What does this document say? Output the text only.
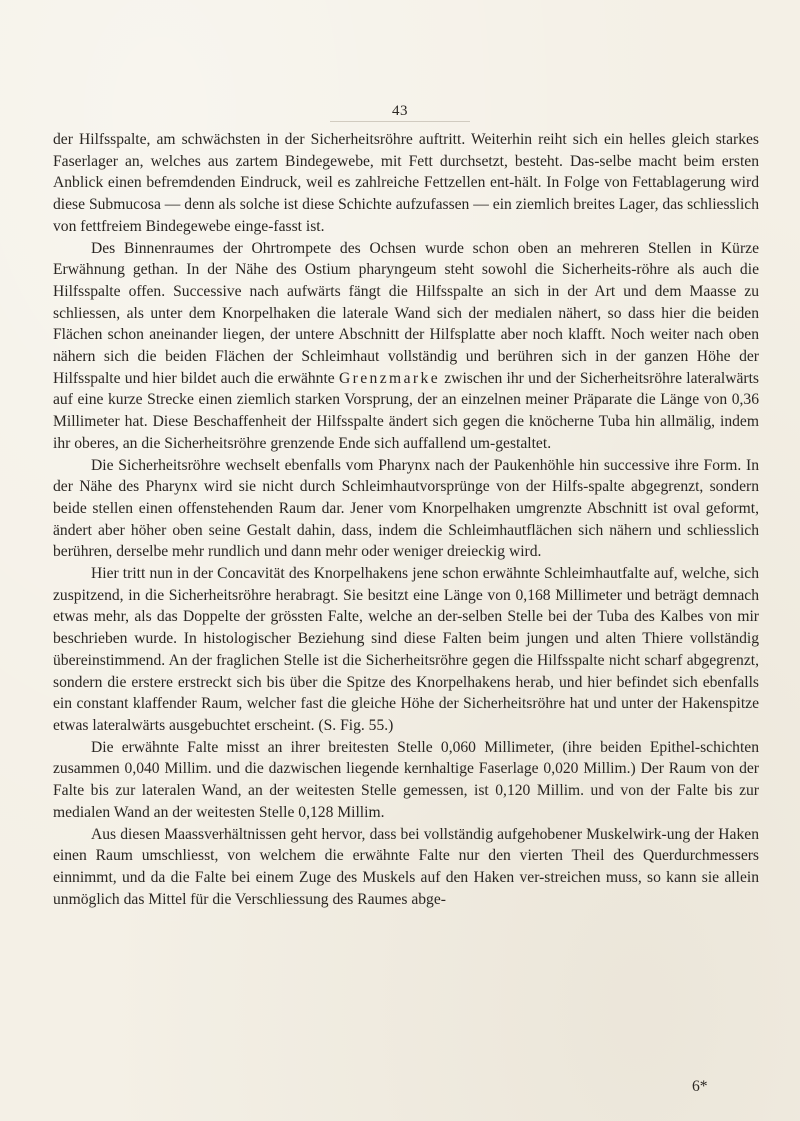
43

der Hilfsspalte, am schwächsten in der Sicherheitsröhre auftritt. Weiterhin reiht sich ein helles gleich starkes Faserlager an, welches aus zartem Bindegewebe, mit Fett durchsetzt, besteht. Das-selbe macht beim ersten Anblick einen befremdenden Eindruck, weil es zahlreiche Fettzellen ent-hält. In Folge von Fettablagerung wird diese Submucosa — denn als solche ist diese Schichte aufzufassen — ein ziemlich breites Lager, das schliesslich von fettfreiem Bindegewebe einge-fasst ist.

Des Binnenraumes der Ohrtrompete des Ochsen wurde schon oben an mehreren Stellen in Kürze Erwähnung gethan. In der Nähe des Ostium pharyngeum steht sowohl die Sicherheits-röhre als auch die Hilfsspalte offen. Successive nach aufwärts fängt die Hilfsspalte an sich in der Art und dem Maasse zu schliessen, als unter dem Knorpelhaken die laterale Wand sich der medialen nähert, so dass hier die beiden Flächen schon aneinander liegen, der untere Abschnitt der Hilfsplatte aber noch klafft. Noch weiter nach oben nähern sich die beiden Flächen der Schleimhaut vollständig und berühren sich in der ganzen Höhe der Hilfsspalte und hier bildet auch die erwähnte Grenzmarke zwischen ihr und der Sicherheitsröhre lateralwärts auf eine kurze Strecke einen ziemlich starken Vorsprung, der an einzelnen meiner Präparate die Länge von 0,36 Millimeter hat. Diese Beschaffenheit der Hilfsspalte ändert sich gegen die knöcherne Tuba hin allmälig, indem ihr oberes, an die Sicherheitsröhre grenzende Ende sich auffallend um-gestaltet.

Die Sicherheitsröhre wechselt ebenfalls vom Pharynx nach der Paukenhöhle hin successive ihre Form. In der Nähe des Pharynx wird sie nicht durch Schleimhautvorsprünge von der Hilfs-spalte abgegrenzt, sondern beide stellen einen offenstehenden Raum dar. Jener vom Knorpelhaken umgrenzte Abschnitt ist oval geformt, ändert aber höher oben seine Gestalt dahin, dass, indem die Schleimhautflächen sich nähern und schliesslich berühren, derselbe mehr rundlich und dann mehr oder weniger dreieckig wird.

Hier tritt nun in der Concavität des Knorpelhakens jene schon erwähnte Schleimhautfalte auf, welche, sich zuspitzend, in die Sicherheitsröhre herabragt. Sie besitzt eine Länge von 0,168 Millimeter und beträgt demnach etwas mehr, als das Doppelte der grössten Falte, welche an der-selben Stelle bei der Tuba des Kalbes von mir beschrieben wurde. In histologischer Beziehung sind diese Falten beim jungen und alten Thiere vollständig übereinstimmend. An der fraglichen Stelle ist die Sicherheitsröhre gegen die Hilfsspalte nicht scharf abgegrenzt, sondern die erstere erstreckt sich bis über die Spitze des Knorpelhakens herab, und hier befindet sich ebenfalls ein constant klaffender Raum, welcher fast die gleiche Höhe der Sicherheitsröhre hat und unter der Hakenspitze etwas lateralwärts ausgebuchtet erscheint. (S. Fig. 55.)

Die erwähnte Falte misst an ihrer breitesten Stelle 0,060 Millimeter, (ihre beiden Epithel-schichten zusammen 0,040 Millim. und die dazwischen liegende kernhaltige Faserlage 0,020 Millim.) Der Raum von der Falte bis zur lateralen Wand, an der weitesten Stelle gemessen, ist 0,120 Millim. und von der Falte bis zur medialen Wand an der weitesten Stelle 0,128 Millim.

Aus diesen Maassverhältnissen geht hervor, dass bei vollständig aufgehobener Muskelwirk-ung der Haken einen Raum umschliesst, von welchem die erwähnte Falte nur den vierten Theil des Querdurchmessers einnimmt, und da die Falte bei einem Zuge des Muskels auf den Haken ver-streichen muss, so kann sie allein unmöglich das Mittel für die Verschliessung des Raumes abge-

6*
